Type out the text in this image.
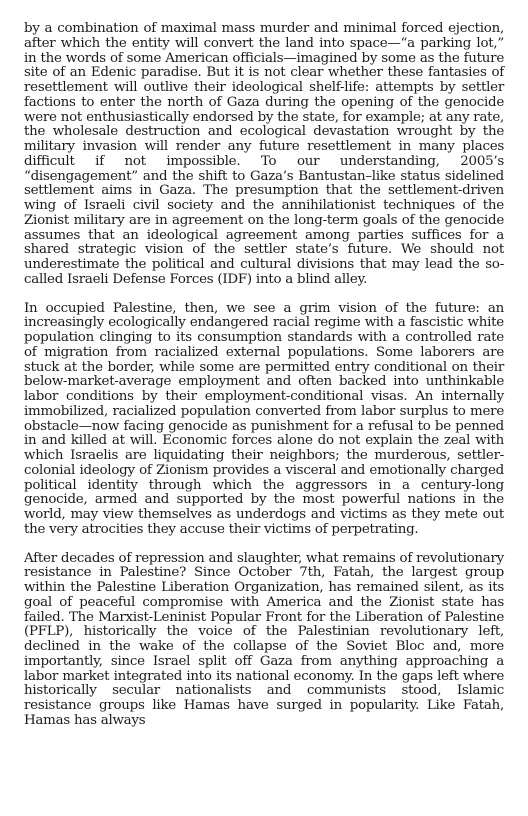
by a combination of maximal mass murder and minimal forced ejection, after which the entity will convert the land into space—“a parking lot,” in the words of some American officials—imagined by some as the future site of an Edenic paradise. But it is not clear whether these fantasies of resettlement will outlive their ideological shelf-life: attempts by settler factions to enter the north of Gaza during the opening of the genocide were not enthusiastically endorsed by the state, for example; at any rate, the wholesale destruction and ecological devastation wrought by the military invasion will render any future resettlement in many places difficult if not impossible. To our understanding, 2005’s “disengagement” and the shift to Gaza’s Bantustan–like status sidelined settlement aims in Gaza. The presumption that the settlement-driven wing of Israeli civil society and the annihilationist techniques of the Zionist military are in agreement on the long-term goals of the genocide assumes that an ideological agreement among parties suffices for a shared strategic vision of the settler state’s future. We should not underestimate the political and cultural divisions that may lead the so-called Israeli Defense Forces (IDF) into a blind alley.

In occupied Palestine, then, we see a grim vision of the future: an increasingly ecologically endangered racial regime with a fascistic white population clinging to its consumption standards with a controlled rate of migration from racialized external populations. Some laborers are stuck at the border, while some are permitted entry conditional on their below-market-average employment and often backed into unthinkable labor conditions by their employment-conditional visas. An internally immobilized, racialized population converted from labor surplus to mere obstacle—now facing genocide as punishment for a refusal to be penned in and killed at will. Economic forces alone do not explain the zeal with which Israelis are liquidating their neighbors; the murderous, settler-colonial ideology of Zionism provides a visceral and emotionally charged political identity through which the aggressors in a century-long genocide, armed and supported by the most powerful nations in the world, may view themselves as underdogs and victims as they mete out the very atrocities they accuse their victims of perpetrating.

After decades of repression and slaughter, what remains of revolutionary resistance in Palestine? Since October 7th, Fatah, the largest group within the Palestine Liberation Organization, has remained silent, as its goal of peaceful compromise with America and the Zionist state has failed. The Marxist-Leninist Popular Front for the Liberation of Palestine (PFLP), historically the voice of the Palestinian revolutionary left, declined in the wake of the collapse of the Soviet Bloc and, more importantly, since Israel split off Gaza from anything approaching a labor market integrated into its national economy. In the gaps left where historically secular nationalists and communists stood, Islamic resistance groups like Hamas have surged in popularity. Like Fatah, Hamas has always
